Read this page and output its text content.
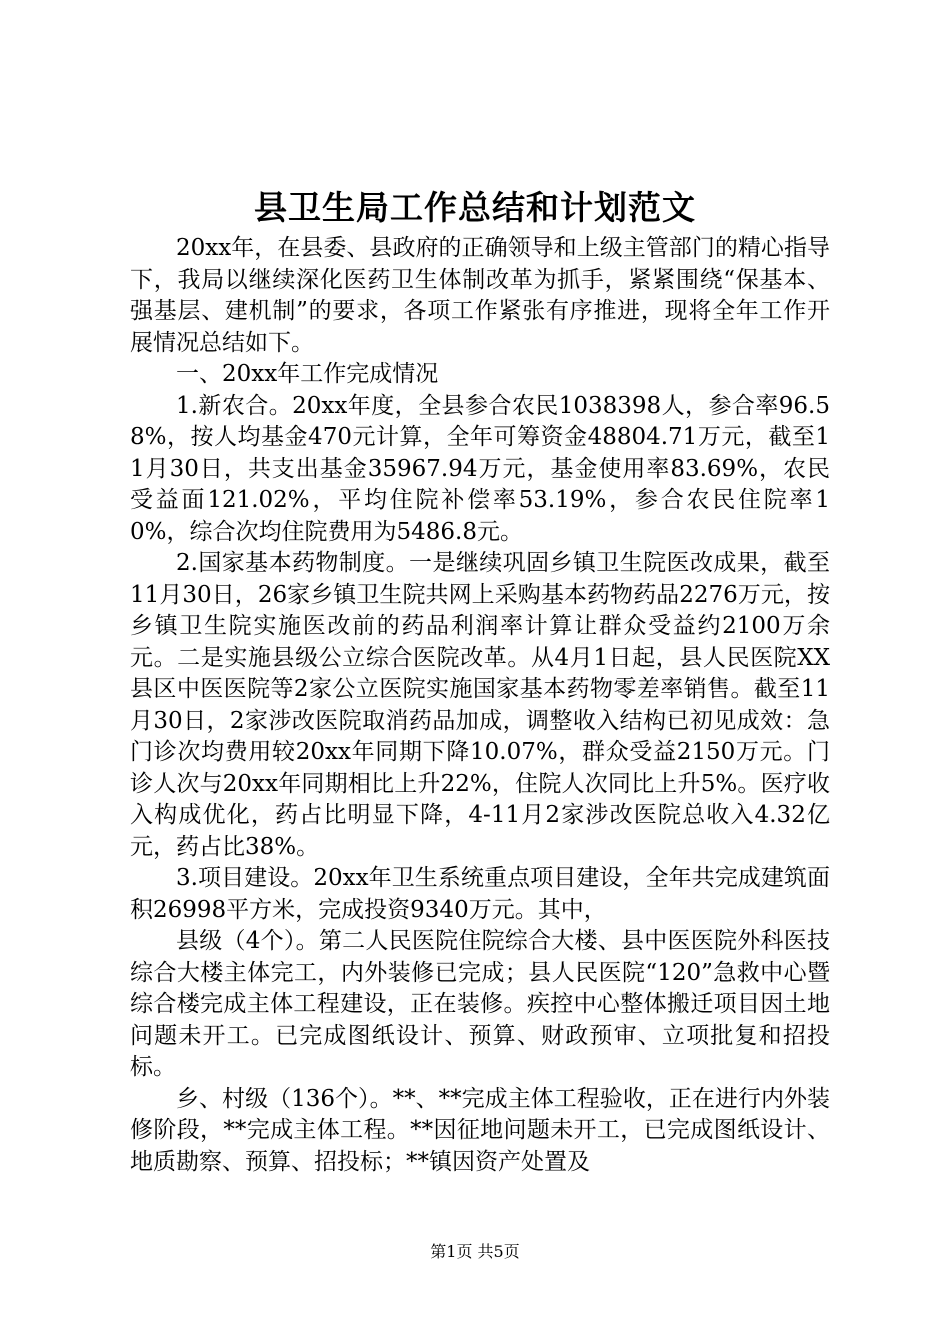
县卫生局工作总结和计划范文

20xx年，在县委、县政府的正确领导和上级主管部门的精心指导下，我局以继续深化医药卫生体制改革为抓手，紧紧围绕“保基本、强基层、建机制”的要求，各项工作紧张有序推进，现将全年工作开展情况总结如下。

一、20xx年工作完成情况

1.新农合。20xx年度，全县参合农民1038398人，参合率96.58%，按人均基金470元计算，全年可筹资金48804.71万元，截至11月30日，共支出基金35967.94万元，基金使用率83.69%，农民受益面121.02%，平均住院补偿率53.19%，参合农民住院率10%，综合次均住院费用为5486.8元。

2.国家基本药物制度。一是继续巩固乡镇卫生院医改成果，截至11月30日，26家乡镇卫生院共网上采购基本药物药品2276万元，按乡镇卫生院实施医改前的药品利润率计算让群众受益约2100万余元。二是实施县级公立综合医院改革。从4月1日起，县人民医院XX县区中医医院等2家公立医院实施国家基本药物零差率销售。截至11月30日，2家涉改医院取消药品加成，调整收入结构已初见成效：急门诊次均费用较20xx年同期下降10.07%，群众受益2150万元。门诊人次与20xx年同期相比上升22%，住院人次同比上升5%。医疗收入构成优化，药占比明显下降，4-11月2家涉改医院总收入4.32亿元，药占比38%。

3.项目建设。20xx年卫生系统重点项目建设，全年共完成建筑面积26998平方米，完成投资9340万元。其中，

县级（4个）。第二人民医院住院综合大楼、县中医医院外科医技综合大楼主体完工，内外装修已完成；县人民医院“120”急救中心暨综合楼完成主体工程建设，正在装修。疾控中心整体搬迁项目因土地问题未开工。已完成图纸设计、预算、财政预审、立项批复和招投标。

乡、村级（136个）。**、**完成主体工程验收，正在进行内外装修阶段，**完成主体工程。**因征地问题未开工，已完成图纸设计、地质勘察、预算、招投标；**镇因资产处置及

第1页 共5页
